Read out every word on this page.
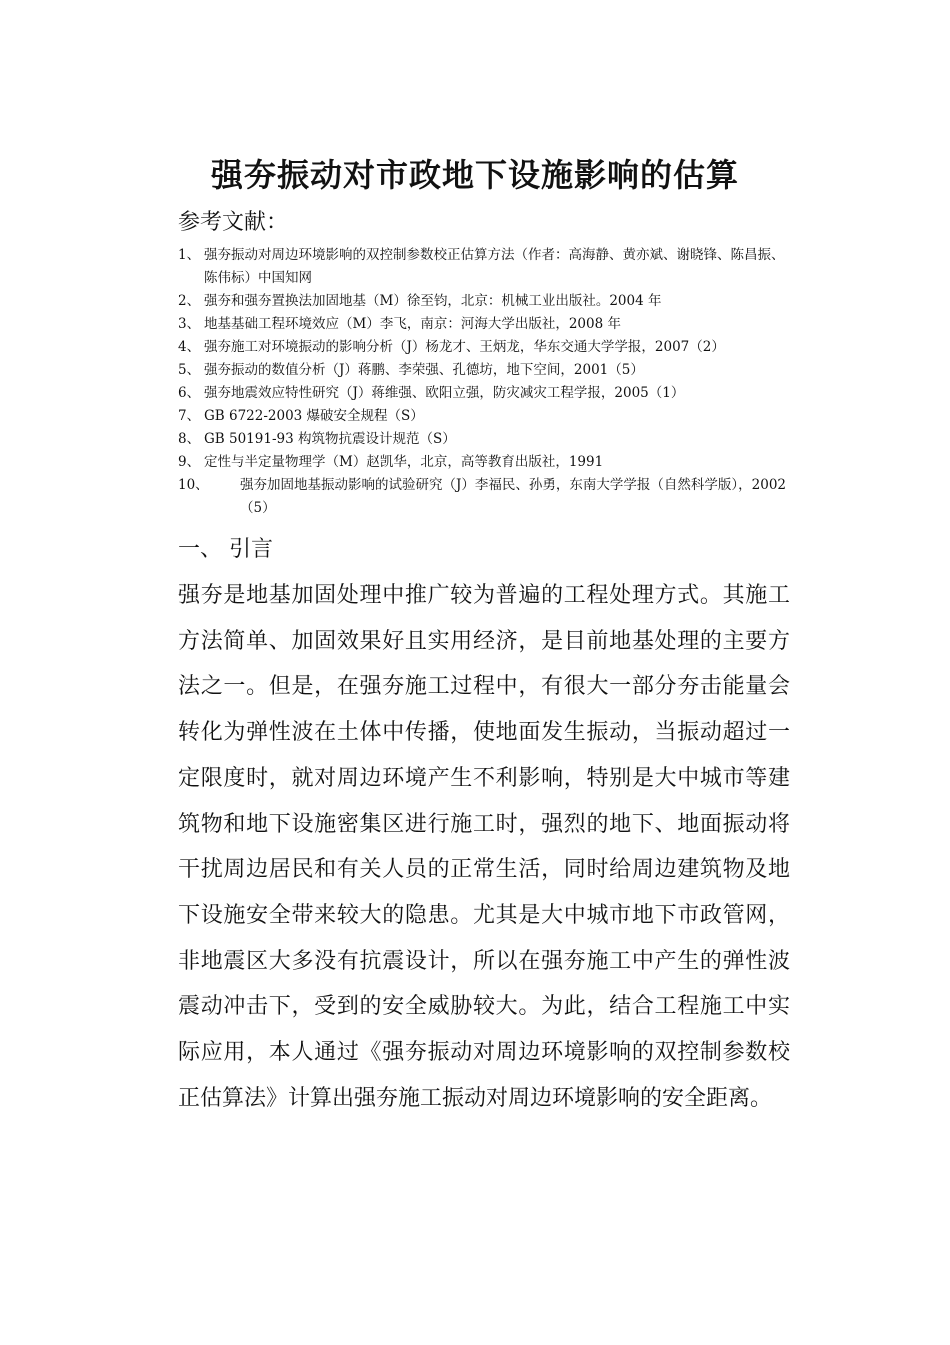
强夯振动对市政地下设施影响的估算
参考文献：
1、 强夯振动对周边环境影响的双控制参数校正估算方法（作者：高海静、黄亦斌、谢晓锋、陈昌振、陈伟标）中国知网
2、 强夯和强夯置换法加固地基（M）徐至钧，北京：机械工业出版社。2004 年
3、 地基基础工程环境效应（M）李飞，南京：河海大学出版社，2008 年
4、 强夯施工对环境振动的影响分析（J）杨龙才、王炳龙，华东交通大学学报，2007（2）
5、 强夯振动的数值分析（J）蒋鹏、李荣强、孔德坊，地下空间，2001（5）
6、 强夯地震效应特性研究（J）蒋维强、欧阳立强，防灾减灾工程学报，2005（1）
7、 GB 6722-2003 爆破安全规程（S）
8、 GB 50191-93 构筑物抗震设计规范（S）
9、 定性与半定量物理学（M）赵凯华，北京，高等教育出版社，1991
10、	强夯加固地基振动影响的试验研究（J）李福民、孙勇，东南大学学报（自然科学版），2002（5）
一、 引言

强夯是地基加固处理中推广较为普遍的工程处理方式。其施工方法简单、加固效果好且实用经济，是目前地基处理的主要方法之一。但是，在强夯施工过程中，有很大一部分夯击能量会转化为弹性波在土体中传播，使地面发生振动，当振动超过一定限度时，就对周边环境产生不利影响，特别是大中城市等建筑物和地下设施密集区进行施工时，强烈的地下、地面振动将干扰周边居民和有关人员的正常生活，同时给周边建筑物及地下设施安全带来较大的隐患。尤其是大中城市地下市政管网，非地震区大多没有抗震设计，所以在强夯施工中产生的弹性波震动冲击下，受到的安全威胁较大。为此，结合工程施工中实际应用，本人通过《强夯振动对周边环境影响的双控制参数校正估算法》计算出强夯施工振动对周边环境影响的安全距离。
